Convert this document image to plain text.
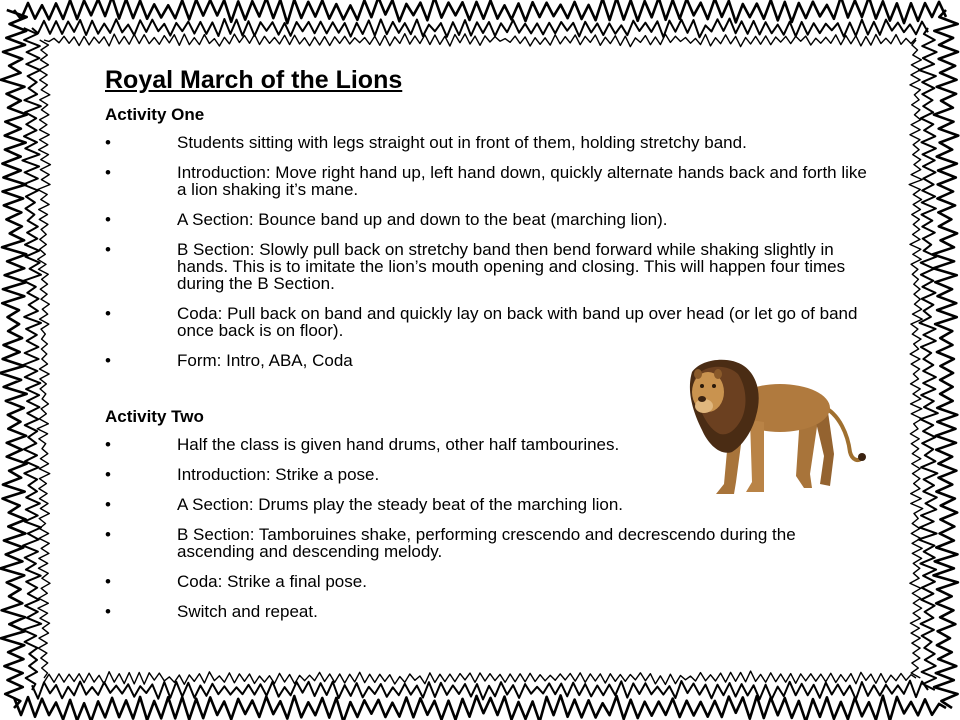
Royal March of the Lions
Activity One
•	Students sitting with legs straight out in front of them, holding stretchy band.
•	Introduction: Move right hand up, left hand down, quickly alternate hands back and forth like a lion shaking it’s mane.
•	A Section: Bounce band up and down to the beat (marching lion).
•	B Section: Slowly pull back on stretchy band then bend forward while shaking slightly in hands. This is to imitate the lion’s mouth opening and closing. This will happen four times during the B Section.
•	Coda: Pull back on band and quickly lay on back with band up over head (or let go of band once back is on floor).
•	Form: Intro, ABA, Coda
Activity Two
•	Half the class is given hand drums, other half tambourines.
•	Introduction: Strike a pose.
•	A Section: Drums play the steady beat of the marching lion.
•	B Section: Tamboruines shake, performing crescendo and decrescendo during the ascending and descending melody.
•	Coda: Strike a final pose.
•	Switch and repeat.
